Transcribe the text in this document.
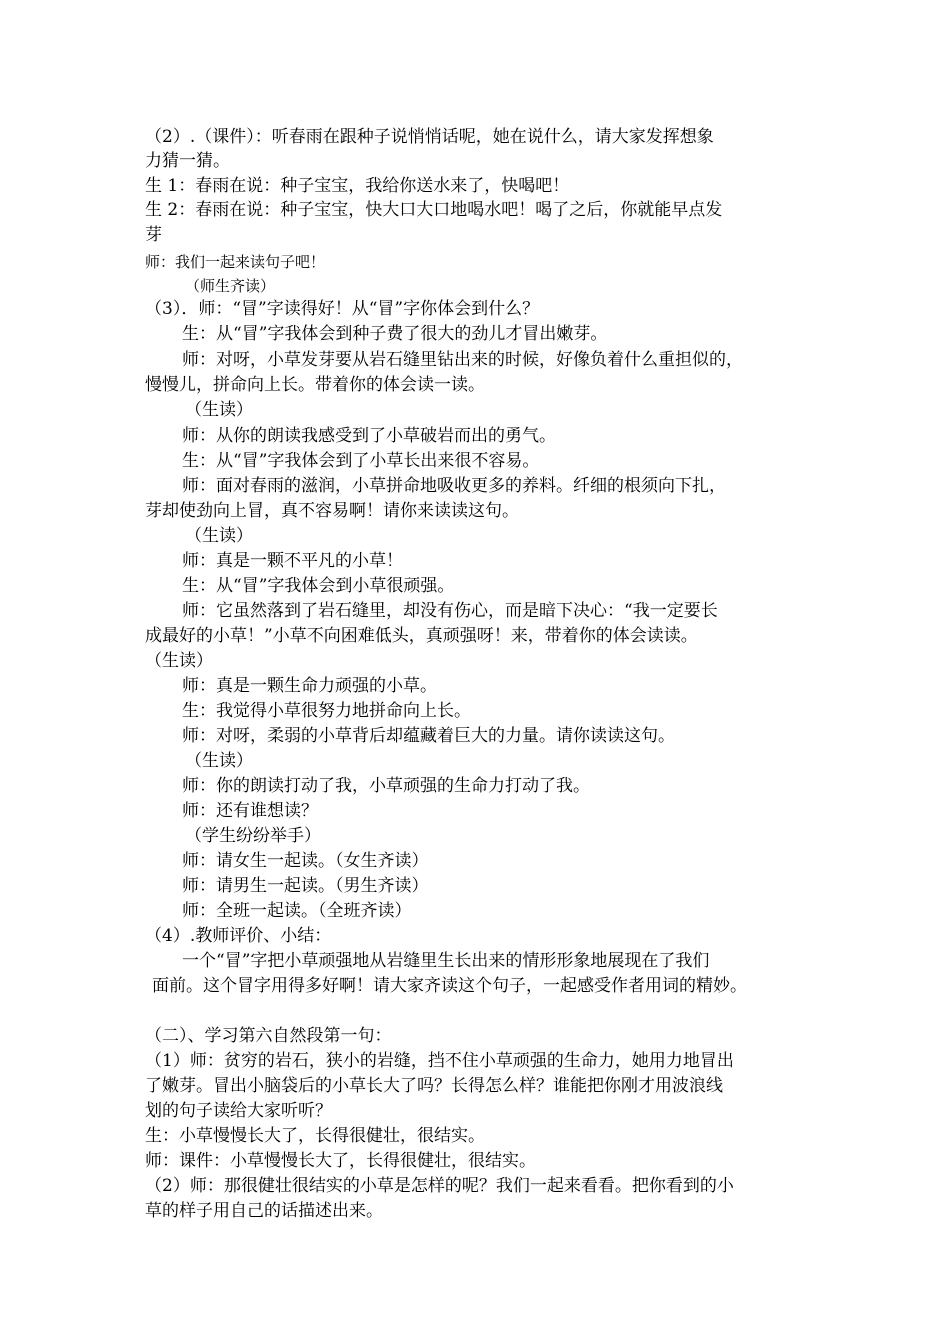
（2）.（课件）：听春雨在跟种子说悄悄话呢，她在说什么，请大家发挥想象
力猜一猜。
生 1：春雨在说：种子宝宝，我给你送水来了，快喝吧！
生 2：春雨在说：种子宝宝，快大口大口地喝水吧！喝了之后，你就能早点发
芽
师：我们一起来读句子吧！
（师生齐读）
（3）．师：“冒”字读得好！从“冒”字你体会到什么？
生：从“冒”字我体会到种子费了很大的劲儿才冒出嫩芽。
师：对呀，小草发芽要从岩石缝里钻出来的时候，好像负着什么重担似的，
慢慢儿，拼命向上长。带着你的体会读一读。
（生读）
师：从你的朗读我感受到了小草破岩而出的勇气。
生：从“冒”字我体会到了小草长出来很不容易。
师：面对春雨的滋润，小草拼命地吸收更多的养料。纤细的根须向下扎，
芽却使劲向上冒，真不容易啊！请你来读读这句。
（生读）
师：真是一颗不平凡的小草！
生：从“冒”字我体会到小草很顽强。
师：它虽然落到了岩石缝里，却没有伤心，而是暗下决心：“我一定要长
成最好的小草！”小草不向困难低头，真顽强呀！来，带着你的体会读读。
（生读）
师：真是一颗生命力顽强的小草。
生：我觉得小草很努力地拼命向上长。
师：对呀，柔弱的小草背后却蕴藏着巨大的力量。请你读读这句。
（生读）
师：你的朗读打动了我，小草顽强的生命力打动了我。
师：还有谁想读？
（学生纷纷举手）
师：请女生一起读。（女生齐读）
师：请男生一起读。（男生齐读）
师：全班一起读。（全班齐读）
（4）.教师评价、小结：
一个“冒”字把小草顽强地从岩缝里生长出来的情形形象地展现在了我们
面前。这个冒字用得多好啊！请大家齐读这个句子，一起感受作者用词的精妙。
（二）、学习第六自然段第一句：
（1）师：贫穷的岩石，狭小的岩缝，挡不住小草顽强的生命力，她用力地冒出
了嫩芽。冒出小脑袋后的小草长大了吗？长得怎么样？谁能把你刚才用波浪线
划的句子读给大家听听？
生：小草慢慢长大了，长得很健壮，很结实。
师：课件：小草慢慢长大了，长得很健壮，很结实。
（2）师：那很健壮很结实的小草是怎样的呢？我们一起来看看。把你看到的小
草的样子用自己的话描述出来。
